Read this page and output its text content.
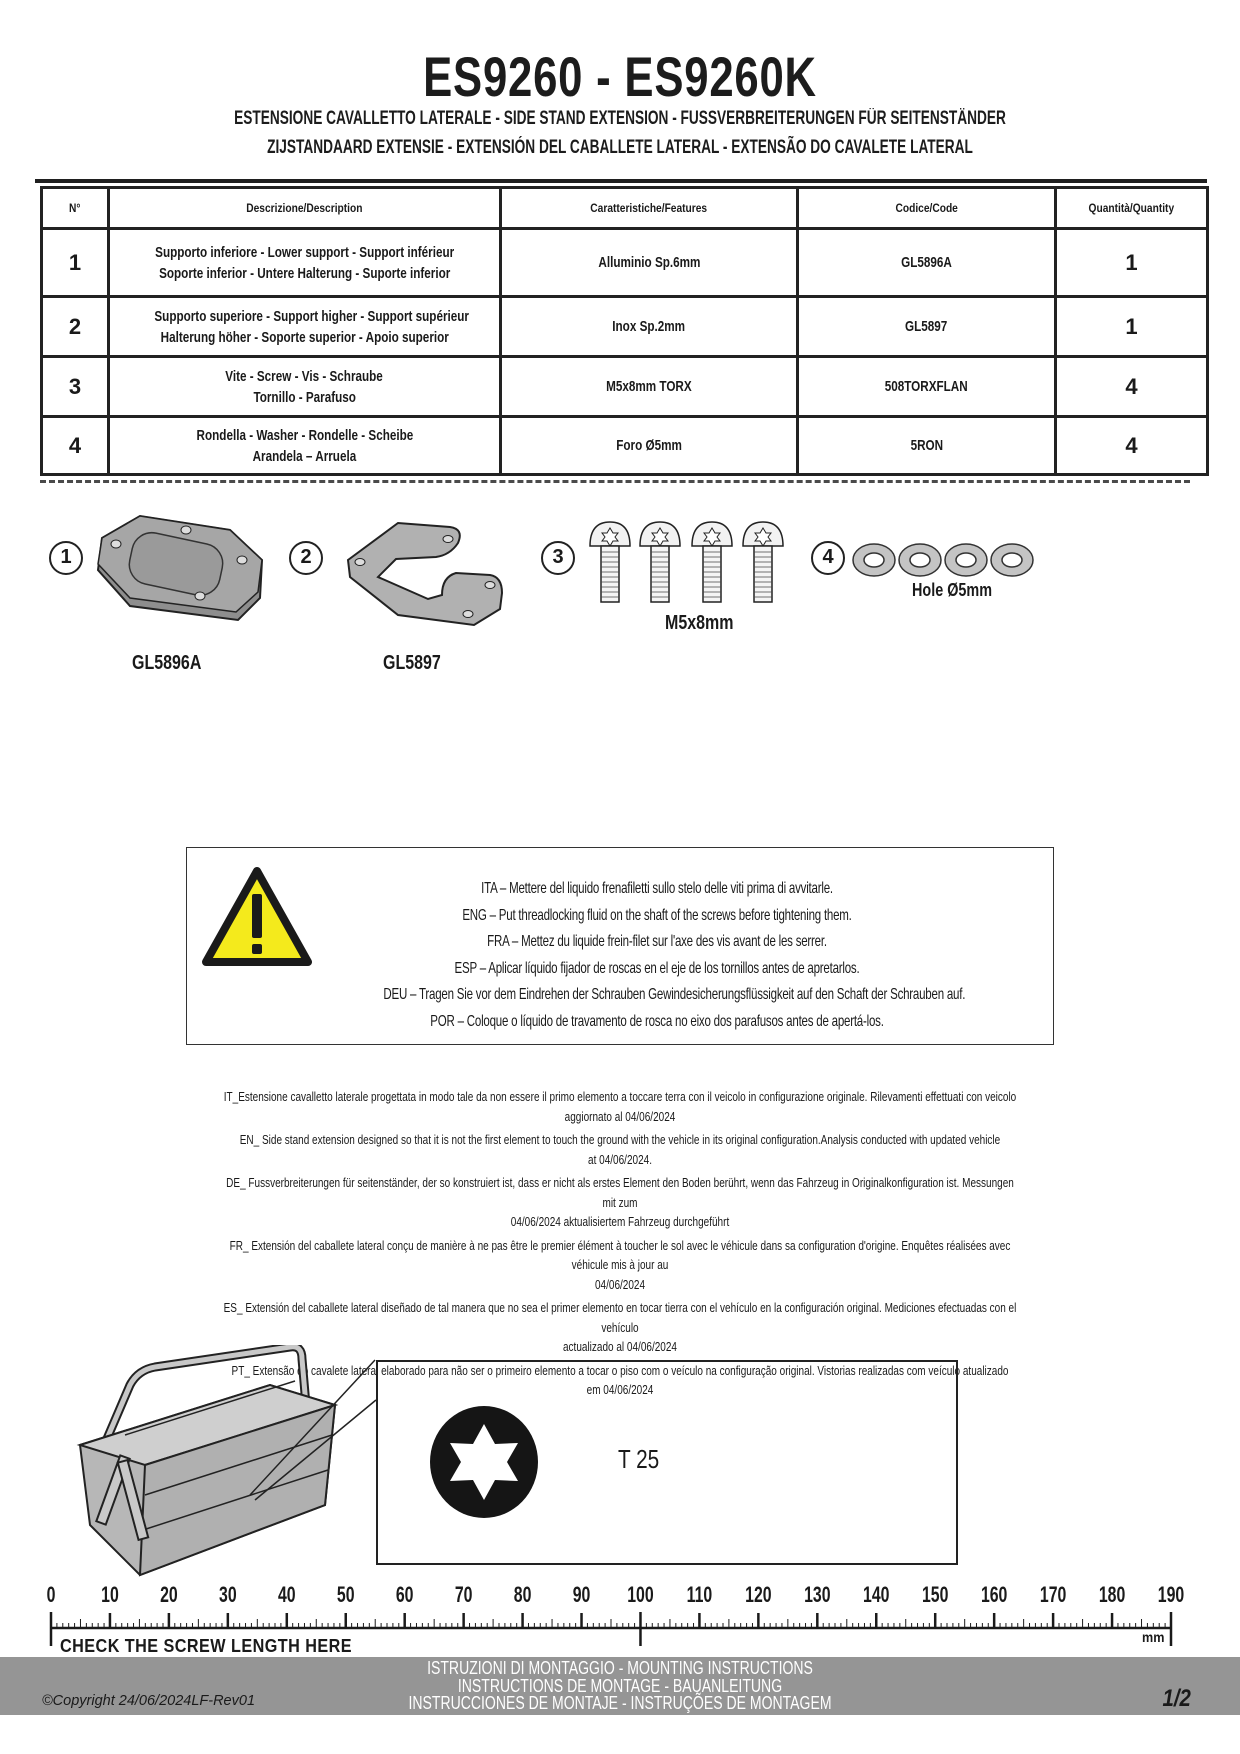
ES9260 - ES9260K
ESTENSIONE CAVALLETTO LATERALE - SIDE STAND EXTENSION - FUSSVERBREITERUNGEN FÜR SEITENSTÄNDER
ZIJSTANDAARD EXTENSIE - EXTENSIÓN DEL CABALLETE LATERAL - EXTENSÃO DO CAVALETE LATERAL
N°	Descrizione/Description	Caratteristiche/Features	Codice/Code	Quantità/Quantity
1	Supporto inferiore - Lower support - Support inférieur
Soporte inferior - Untere Halterung - Suporte inferior	Alluminio Sp.6mm	GL5896A	1
2	Supporto superiore - Support higher - Support supérieur
Halterung höher - Soporte superior - Apoio superior	Inox Sp.2mm	GL5897	1
3	Vite - Screw - Vis - Schraube
Tornillo - Parafuso	M5x8mm TORX	508TORXFLAN	4
4	Rondella - Washer - Rondelle - Scheibe
Arandela – Arruela	Foro Ø5mm	5RON	4
1
GL5896A
2
GL5897
3
M5x8mm
4
Hole Ø5mm
ITA – Mettere del liquido frenafiletti sullo stelo delle viti prima di avvitarle.
ENG – Put threadlocking fluid on the shaft of the screws before tightening them.
FRA – Mettez du liquide frein-filet sur l'axe des vis avant de les serrer.
ESP – Aplicar líquido fijador de roscas en el eje de los tornillos antes de apretarlos.
DEU – Tragen Sie vor dem Eindrehen der Schrauben Gewindesicherungsflüssigkeit auf den Schaft der Schrauben auf.
POR – Coloque o líquido de travamento de rosca no eixo dos parafusos antes de apertá-los.
IT_Estensione cavalletto laterale progettata in modo tale da non essere il primo elemento a toccare terra con il veicolo in configurazione originale. Rilevamenti effettuati con veicolo
aggiornato al 04/06/2024
EN_ Side stand extension designed so that it is not the first element to touch the ground with the vehicle in its original configuration.Analysis conducted with updated vehicle
at 04/06/2024.
DE_ Fussverbreiterungen für seitenständer, der so konstruiert ist, dass er nicht als erstes Element den Boden berührt, wenn das Fahrzeug in Originalkonfiguration ist. Messungen mit zum
04/06/2024 aktualisiertem Fahrzeug durchgeführt
FR_ Extensión del caballete lateral conçu de manière à ne pas être le premier élément à toucher le sol avec le véhicule dans sa configuration d'origine. Enquêtes réalisées avec véhicule mis à jour au
04/06/2024
ES_ Extensión del caballete lateral diseñado de tal manera que no sea el primer elemento en tocar tierra con el vehículo en la configuración original. Mediciones efectuadas con el vehículo
actualizado al 04/06/2024
PT_ Extensão do cavalete lateral elaborado para não ser o primeiro elemento a tocar o piso com o veículo na configuração original. Vistorias realizadas com veículo atualizado
em 04/06/2024
T 25
0 10 20 30 40 50 60 70 80 90 100 110 120 130 140 150 160 170 180 190
CHECK THE SCREW LENGTH HERE	mm
©Copyright 24/06/2024LF-Rev01
ISTRUZIONI DI MONTAGGIO - MOUNTING INSTRUCTIONS
INSTRUCTIONS DE MONTAGE - BAUANLEITUNG
INSTRUCCIONES DE MONTAJE - INSTRUÇÕES DE MONTAGEM	1/2
